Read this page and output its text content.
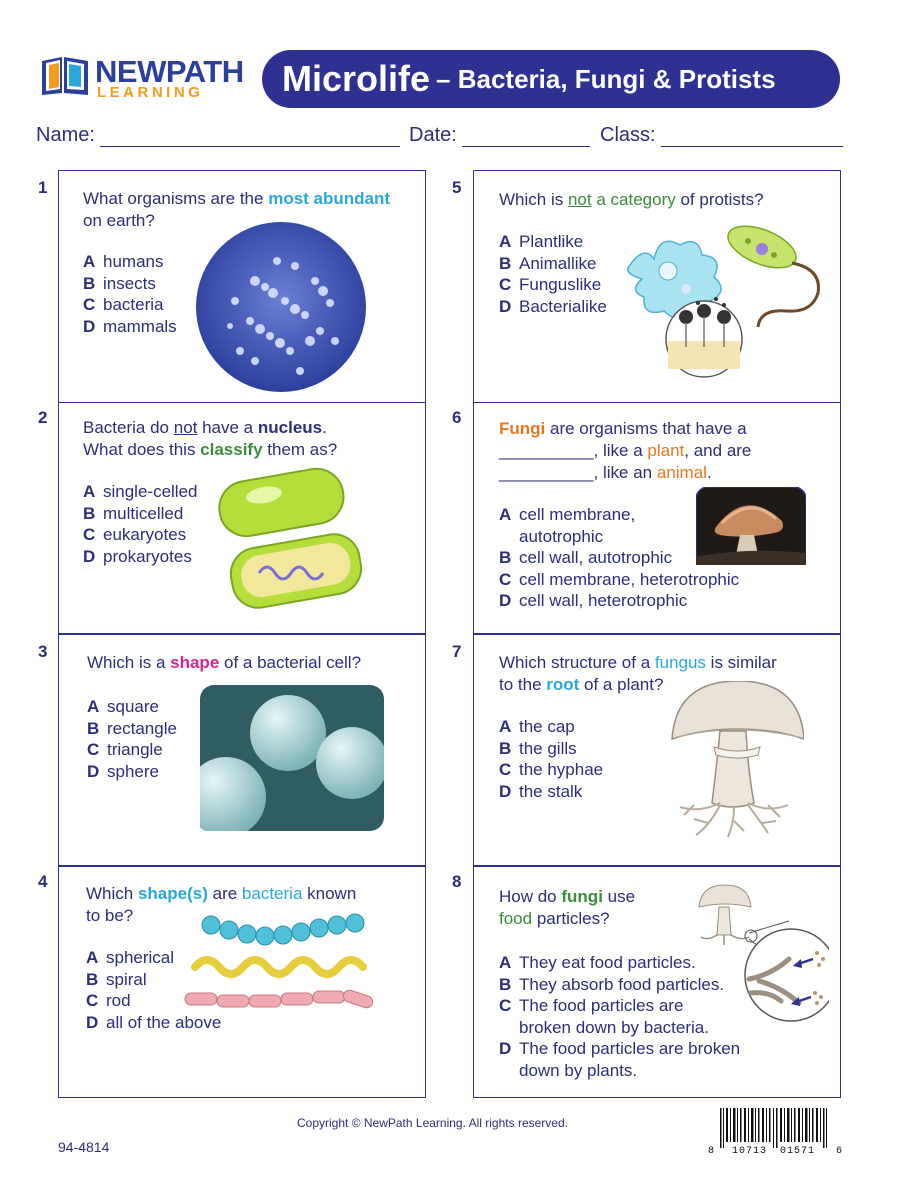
NEWPATH
LEARNING Microlife – Bacteria, Fungi & Protists
Name:	Date:	Class:
1
What organisms are the most abundant
on earth?
A humans
B insects
C bacteria
D mammals
2
Bacteria do not have a nucleus.
What does this classify them as?
A single-celled
B multicelled
C eukaryotes
D prokaryotes
3
Which is a shape of a bacterial cell?
A square
B rectangle
C triangle
D sphere
4
Which shape(s) are bacteria known
to be?
A spherical
B spiral
C rod
D all of the above
5
Which is not a category of protists?
A Plantlike
B Animallike
C Funguslike
D Bacterialike
6
Fungi are organisms that have a
__________, like a plant, and are
__________, like an animal.
A cell membrane,
autotrophic
B cell wall, autotrophic
C cell membrane, heterotrophic
D cell wall, heterotrophic
7
Which structure of a fungus is similar
to the root of a plant?
A the cap
B the gills
C the hyphae
D the stalk
8
How do fungi use
food particles?
A They eat food particles.
B They absorb food particles.
C The food particles are
broken down by bacteria.
D The food particles are broken
down by plants.
Copyright © NewPath Learning. All rights reserved.
94-4814	8 10713 01571 6
